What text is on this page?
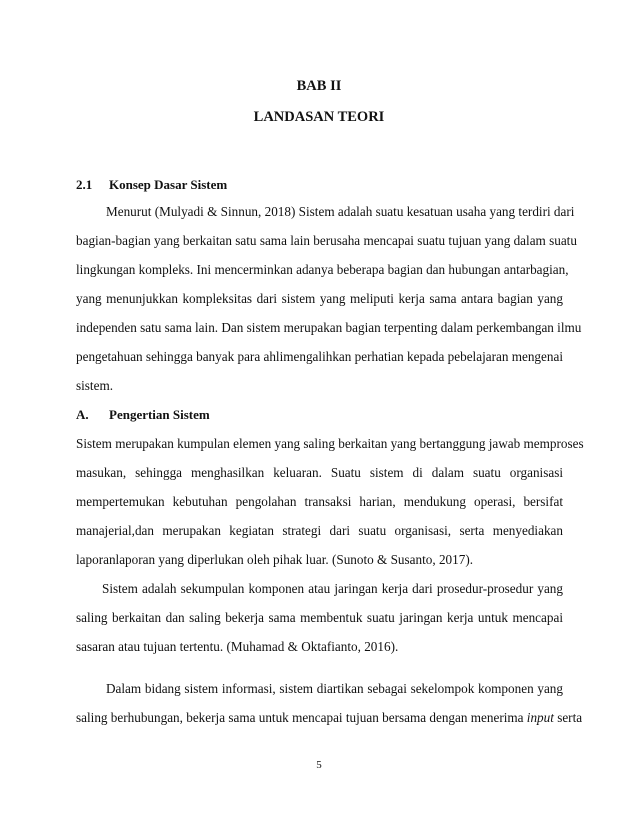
BAB II
LANDASAN TEORI
2.1 Konsep Dasar Sistem
Menurut (Mulyadi & Sinnun, 2018) Sistem adalah suatu kesatuan usaha yang terdiri dari
bagian-bagian yang berkaitan satu sama lain berusaha mencapai suatu tujuan yang dalam suatu
lingkungan kompleks. Ini mencerminkan adanya beberapa bagian dan hubungan antarbagian,
yang menunjukkan kompleksitas dari sistem yang meliputi kerja sama antara bagian yang
independen satu sama lain. Dan sistem merupakan bagian terpenting dalam perkembangan ilmu
pengetahuan sehingga banyak para ahlimengalihkan perhatian kepada pebelajaran mengenai
sistem.
A. Pengertian Sistem
Sistem merupakan kumpulan elemen yang saling berkaitan yang bertanggung jawab memproses
masukan, sehingga menghasilkan keluaran. Suatu sistem di dalam suatu organisasi
mempertemukan kebutuhan pengolahan transaksi harian, mendukung operasi, bersifat
manajerial,dan merupakan kegiatan strategi dari suatu organisasi, serta menyediakan
laporanlaporan yang diperlukan oleh pihak luar. (Sunoto & Susanto, 2017).
Sistem adalah sekumpulan komponen atau jaringan kerja dari prosedur-prosedur yang
saling berkaitan dan saling bekerja sama membentuk suatu jaringan kerja untuk mencapai
sasaran atau tujuan tertentu. (Muhamad & Oktafianto, 2016).
Dalam bidang sistem informasi, sistem diartikan sebagai sekelompok komponen yang
saling berhubungan, bekerja sama untuk mencapai tujuan bersama dengan menerima input serta
5
